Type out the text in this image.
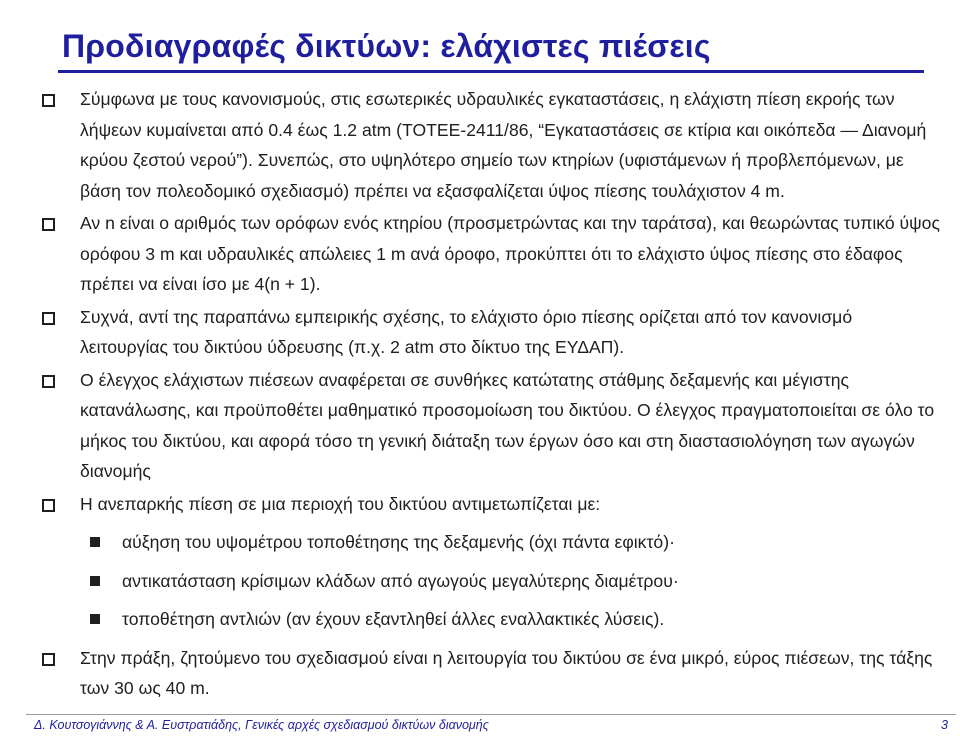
Προδιαγραφές δικτύων: ελάχιστες πιέσεις
Σύμφωνα με τους κανονισμούς, στις εσωτερικές υδραυλικές εγκαταστάσεις, η ελάχιστη πίεση εκροής των λήψεων κυμαίνεται από 0.4 έως 1.2 atm (ΤΟΤΕΕ-2411/86, “Εγκαταστάσεις σε κτίρια και οικόπεδα — Διανομή κρύου ζεστού νερού”). Συνεπώς, στο υψηλότερο σημείο των κτηρίων (υφιστάμενων ή προβλεπόμενων, με βάση τον πολεοδομικό σχεδιασμό) πρέπει να εξασφαλίζεται ύψος πίεσης τουλάχιστον 4 m.
Αν n είναι ο αριθμός των ορόφων ενός κτηρίου (προσμετρώντας και την ταράτσα), και θεωρώντας τυπικό ύψος ορόφου 3 m και υδραυλικές απώλειες 1 m ανά όροφο, προκύπτει ότι το ελάχιστο ύψος πίεσης στο έδαφος πρέπει να είναι ίσο με 4(n + 1).
Συχνά, αντί της παραπάνω εμπειρικής σχέσης, το ελάχιστο όριο πίεσης ορίζεται από τον κανονισμό λειτουργίας του δικτύου ύδρευσης (π.χ. 2 atm στο δίκτυο της ΕΥΔΑΠ).
Ο έλεγχος ελάχιστων πιέσεων αναφέρεται σε συνθήκες κατώτατης στάθμης δεξαμενής και μέγιστης κατανάλωσης, και προϋποθέτει μαθηματικό προσομοίωση του δικτύου. Ο έλεγχος πραγματοποιείται σε όλο το μήκος του δικτύου, και αφορά τόσο τη γενική διάταξη των έργων όσο και στη διαστασιολόγηση των αγωγών διανομής
Η ανεπαρκής πίεση σε μια περιοχή του δικτύου αντιμετωπίζεται με:
αύξηση του υψομέτρου τοποθέτησης της δεξαμενής (όχι πάντα εφικτό)·
αντικατάσταση κρίσιμων κλάδων από αγωγούς μεγαλύτερης διαμέτρου·
τοποθέτηση αντλιών (αν έχουν εξαντληθεί άλλες εναλλακτικές λύσεις).
Στην πράξη, ζητούμενο του σχεδιασμού είναι η λειτουργία του δικτύου σε ένα μικρό, εύρος πιέσεων, της τάξης των 30 ως 40 m.
Δ. Κουτσογιάννης & Α. Ευστρατιάδης, Γενικές αρχές σχεδιασμού δικτύων διανομής	3
